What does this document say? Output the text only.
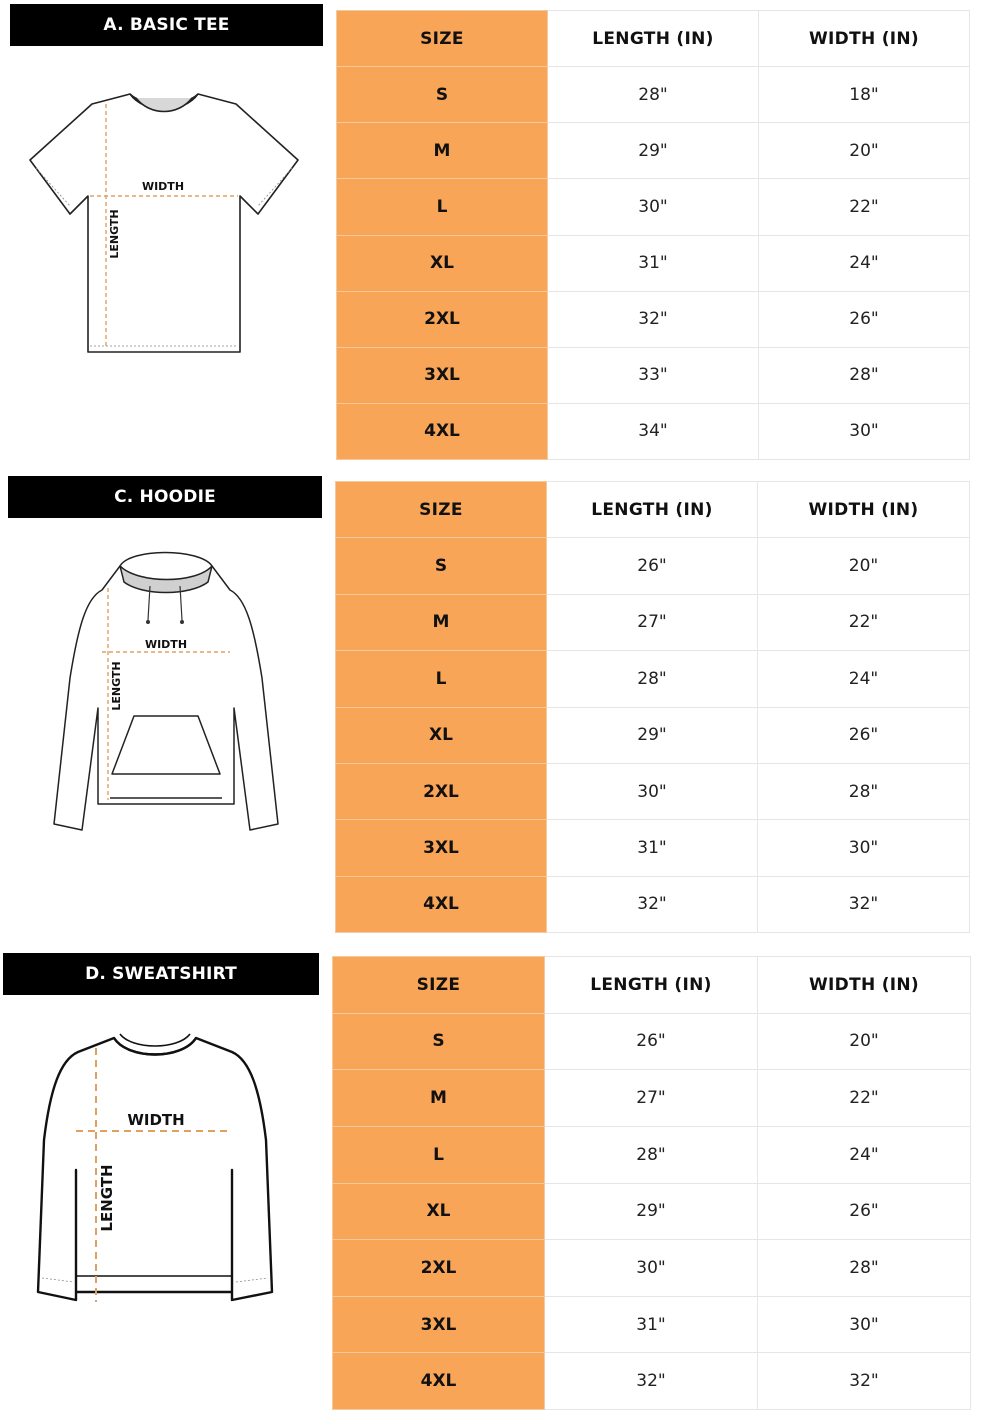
A. BASIC TEE
WIDTH
LENGTH
SIZE	LENGTH (IN)	WIDTH (IN)
S	28"	18"
M	29"	20"
L	30"	22"
XL	31"	24"
2XL	32"	26"
3XL	33"	28"
4XL	34"	30"
C. HOODIE
WIDTH
LENGTH
SIZE	LENGTH (IN)	WIDTH (IN)
S	26"	20"
M	27"	22"
L	28"	24"
XL	29"	26"
2XL	30"	28"
3XL	31"	30"
4XL	32"	32"
D. SWEATSHIRT
WIDTH
LENGTH
SIZE	LENGTH (IN)	WIDTH (IN)
S	26"	20"
M	27"	22"
L	28"	24"
XL	29"	26"
2XL	30"	28"
3XL	31"	30"
4XL	32"	32"
